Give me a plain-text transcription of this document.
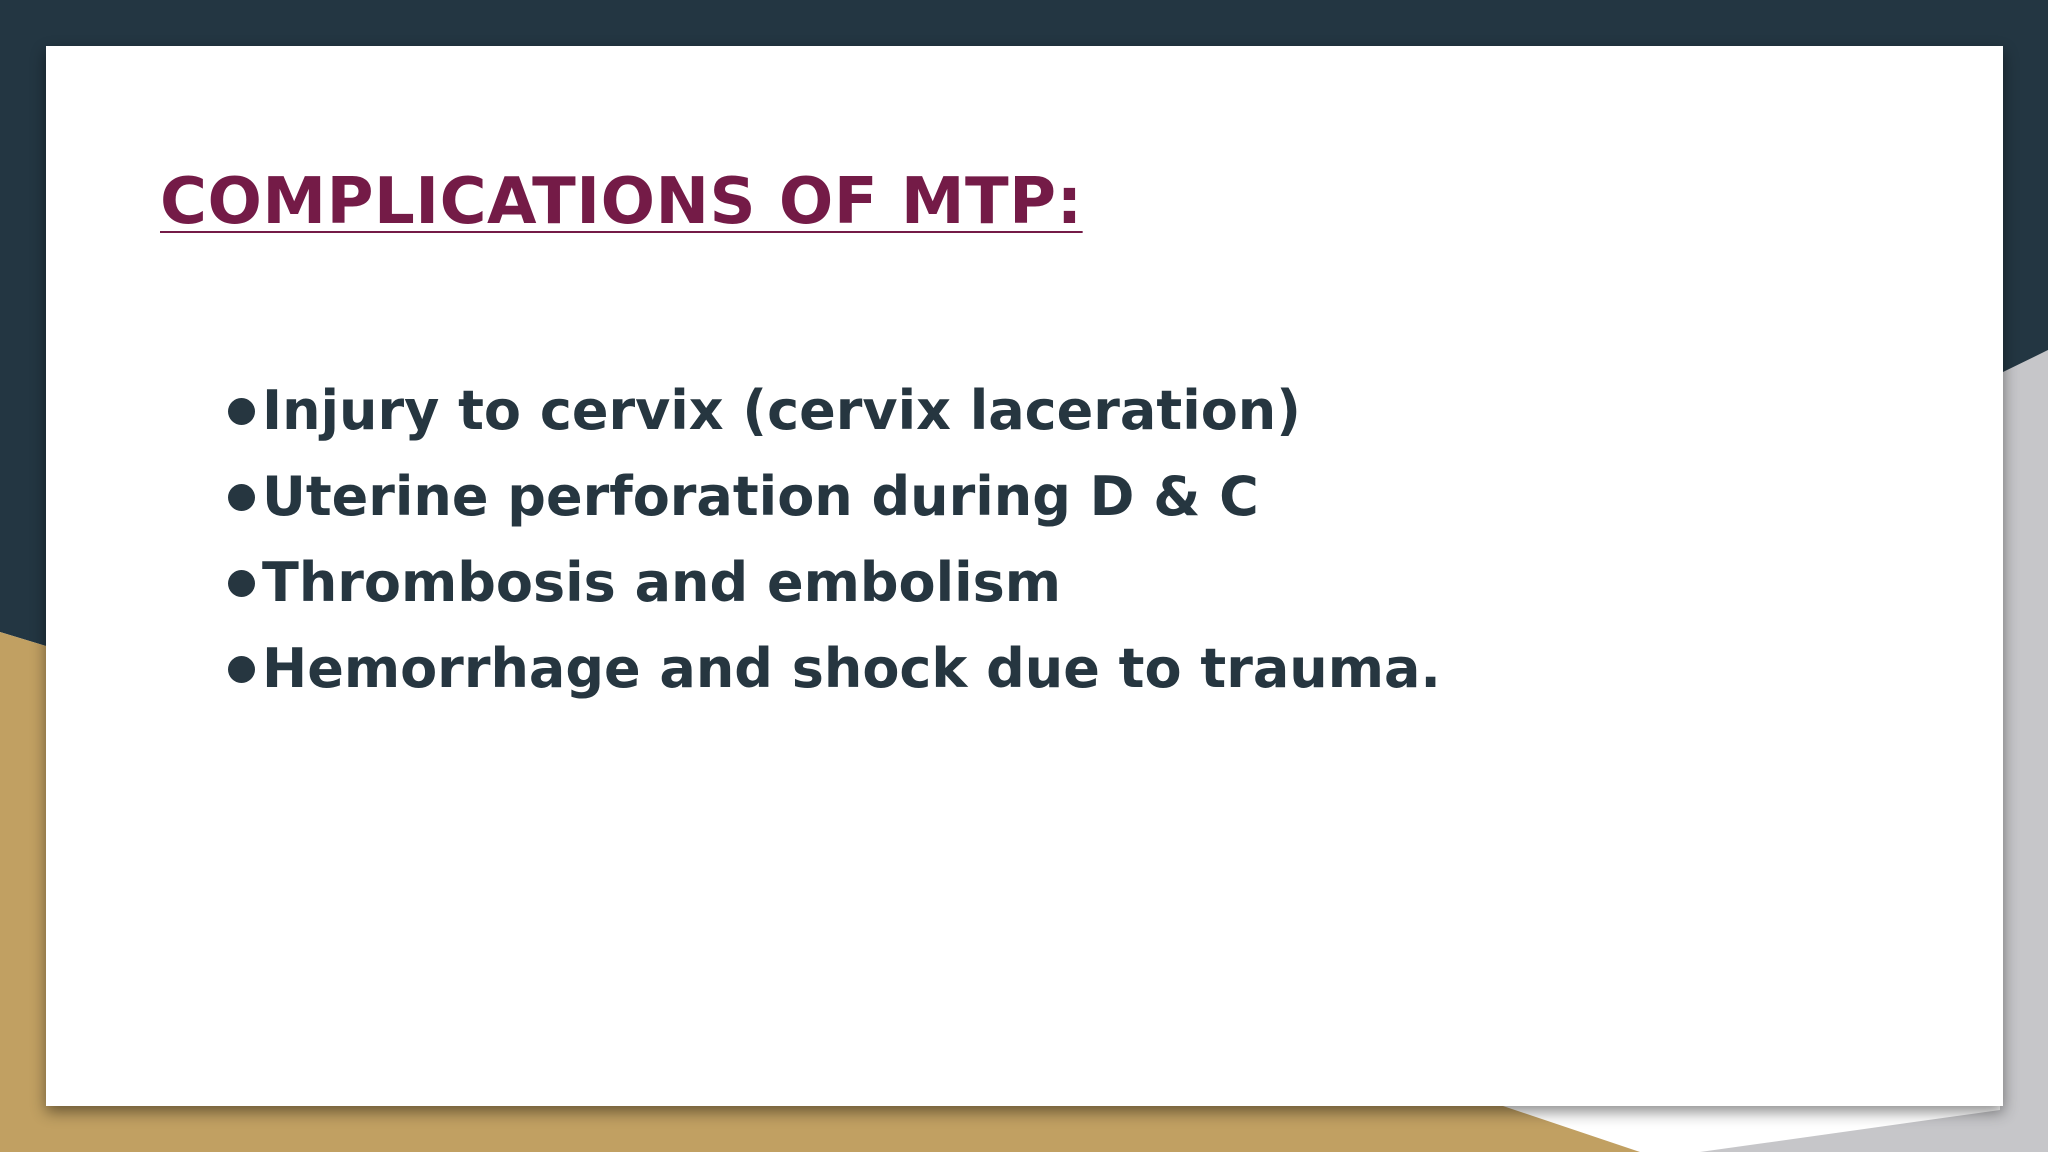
COMPLICATIONS OF MTP:
Injury to cervix (cervix laceration)
Uterine perforation during D & C
Thrombosis and embolism
Hemorrhage and shock due to trauma.
